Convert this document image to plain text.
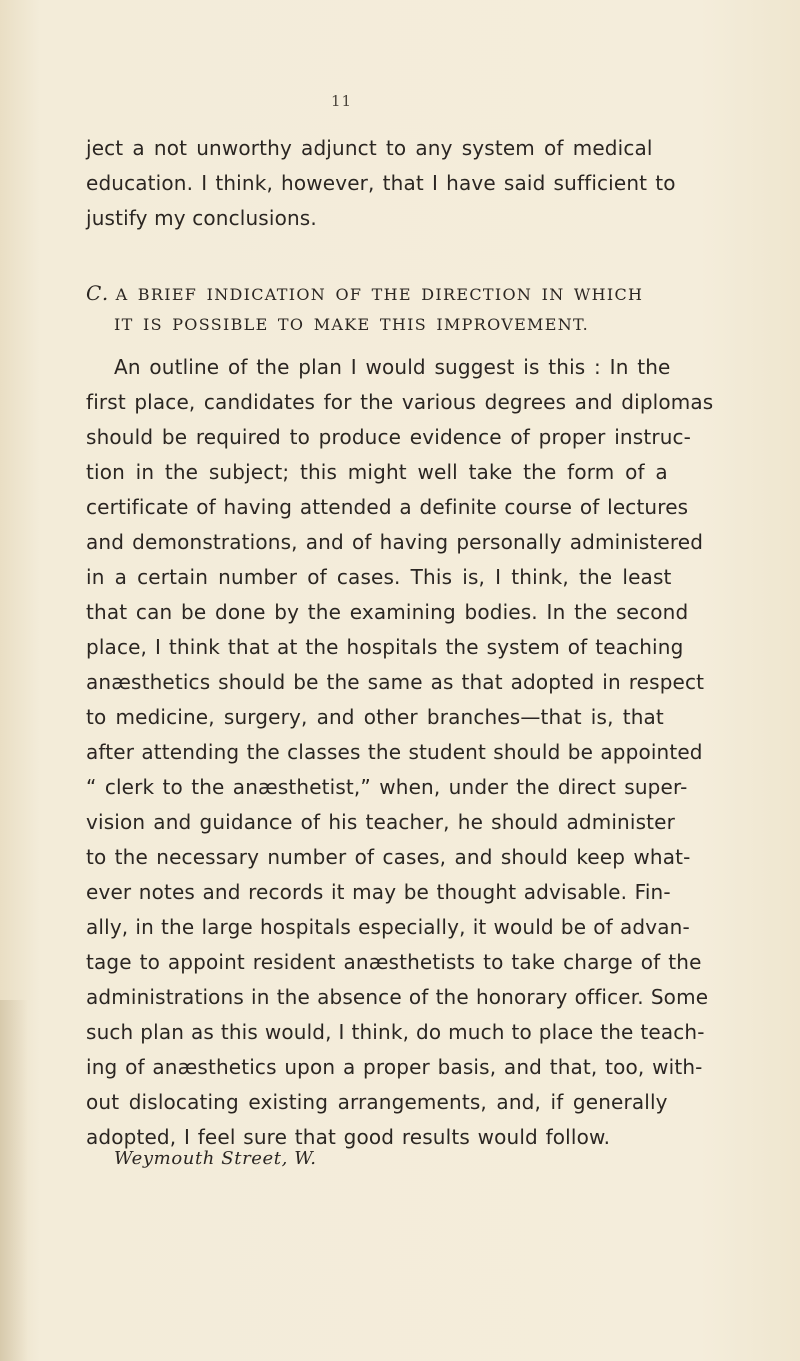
11
ject a not unworthy adjunct to any system of medical
education. I think, however, that I have said sufficient to
justify my conclusions.
C. A BRIEF INDICATION OF THE DIRECTION IN WHICH
IT IS POSSIBLE TO MAKE THIS IMPROVEMENT.
An outline of the plan I would suggest is this : In the
first place, candidates for the various degrees and diplomas
should be required to produce evidence of proper instruc-
tion in the subject; this might well take the form of a
certificate of having attended a definite course of lectures
and demonstrations, and of having personally administered
in a certain number of cases. This is, I think, the least
that can be done by the examining bodies. In the second
place, I think that at the hospitals the system of teaching
anæsthetics should be the same as that adopted in respect
to medicine, surgery, and other branches—that is, that
after attending the classes the student should be appointed
“ clerk to the anæsthetist,” when, under the direct super-
vision and guidance of his teacher, he should administer
to the necessary number of cases, and should keep what-
ever notes and records it may be thought advisable. Fin-
ally, in the large hospitals especially, it would be of advan-
tage to appoint resident anæsthetists to take charge of the
administrations in the absence of the honorary officer. Some
such plan as this would, I think, do much to place the teach-
ing of anæsthetics upon a proper basis, and that, too, with-
out dislocating existing arrangements, and, if generally
adopted, I feel sure that good results would follow.
Weymouth Street, W.
